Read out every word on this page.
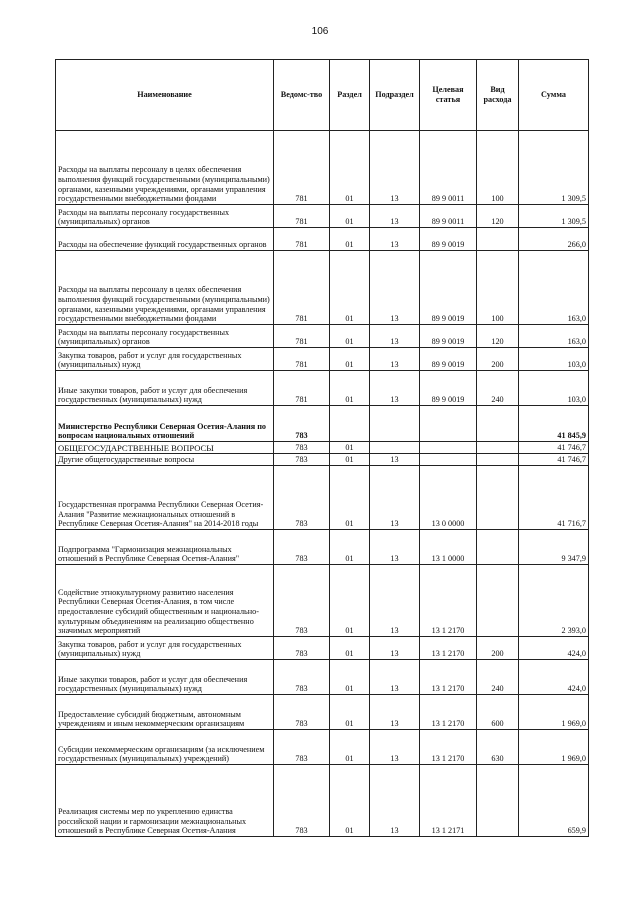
106
Наименование	Ведомс-тво	Раздел	Подраздел	Целевая статья	Вид расхода	Сумма
Расходы на выплаты персоналу в целях обеспечения выполнения функций государственными (муниципальными) органами, казенными учреждениями, органами управления государственными внебюджетными фондами	781	01	13	89 9 0011	100	1 309,5
Расходы на выплаты персоналу государственных (муниципальных) органов	781	01	13	89 9 0011	120	1 309,5
Расходы на обеспечение функций государственных органов	781	01	13	89 9 0019		266,0
Расходы на выплаты персоналу в целях обеспечения выполнения функций государственными (муниципальными) органами, казенными учреждениями, органами управления государственными внебюджетными фондами	781	01	13	89 9 0019	100	163,0
Расходы на выплаты персоналу государственных (муниципальных) органов	781	01	13	89 9 0019	120	163,0
Закупка товаров, работ и услуг для государственных (муниципальных) нужд	781	01	13	89 9 0019	200	103,0
Иные закупки товаров, работ и услуг для обеспечения государственных (муниципальных) нужд	781	01	13	89 9 0019	240	103,0
Министерство Республики Северная Осетия-Алания по вопросам национальных отношений	783					41 845,9
ОБЩЕГОСУДАРСТВЕННЫЕ ВОПРОСЫ	783	01				41 746,7
Другие общегосударственные вопросы	783	01	13			41 746,7
Государственная программа Республики Северная Осетия-Алания "Развитие межнациональных отношений в Республике Северная Осетия-Алания" на 2014-2018 годы	783	01	13	13 0 0000		41 716,7
Подпрограмма "Гармонизация межнациональных отношений в Республике Северная Осетия-Алания"	783	01	13	13 1 0000		9 347,9
Содействие этнокультурному развитию населения Республики Северная Осетия-Алания, в том числе предоставление субсидий общественным и национально-культурным объединениям на реализацию общественно значимых мероприятий	783	01	13	13 1 2170		2 393,0
Закупка товаров, работ и услуг для государственных (муниципальных) нужд	783	01	13	13 1 2170	200	424,0
Иные закупки товаров, работ и услуг для обеспечения государственных (муниципальных) нужд	783	01	13	13 1 2170	240	424,0
Предоставление субсидий бюджетным, автономным учреждениям и иным некоммерческим организациям	783	01	13	13 1 2170	600	1 969,0
Субсидии некоммерческим организациям (за исключением государственных (муниципальных) учреждений)	783	01	13	13 1 2170	630	1 969,0
Реализация системы мер по укреплению единства российской нации и гармонизации межнациональных отношений в Республике Северная Осетия-Алания	783	01	13	13 1 2171		659,9
